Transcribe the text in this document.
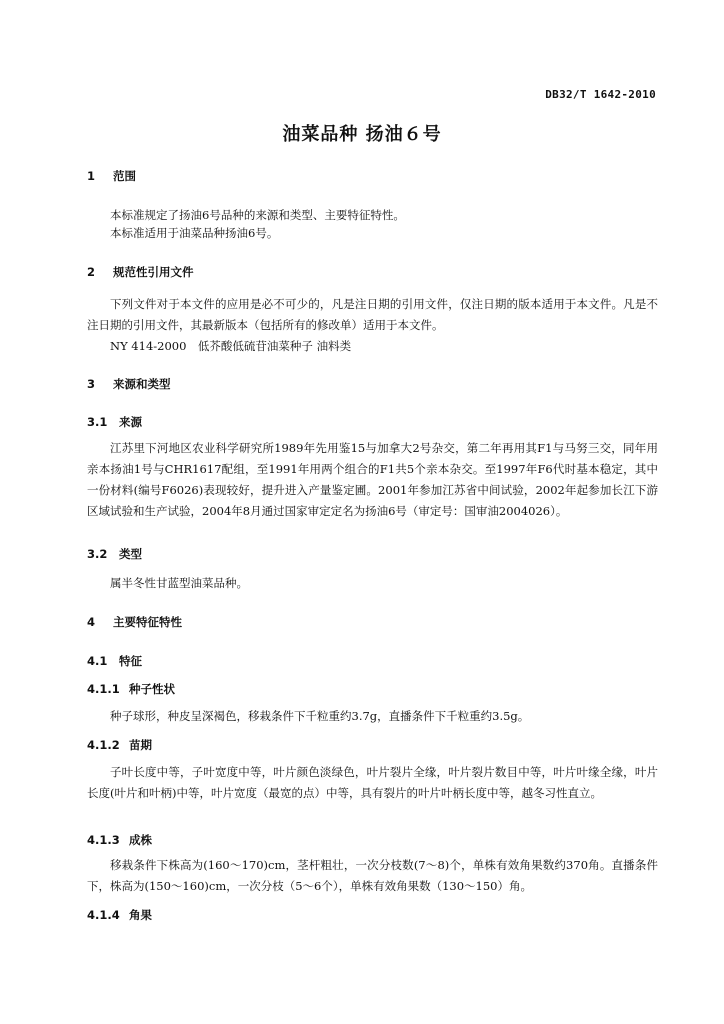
DB32/T 1642-2010
油菜品种 扬油６号
1 范围
本标准规定了扬油6号品种的来源和类型、主要特征特性。
本标准适用于油菜品种扬油6号。
2 规范性引用文件
下列文件对于本文件的应用是必不可少的，凡是注日期的引用文件，仅注日期的版本适用于本文件。凡是不注日期的引用文件，其最新版本（包括所有的修改单）适用于本文件。
NY 414-2000　低芥酸低硫苷油菜种子 油料类
3 来源和类型
3.1 来源
江苏里下河地区农业科学研究所1989年先用鉴15与加拿大2号杂交，第二年再用其F1与马努三交，同年用亲本扬油1号与CHR1617配组，至1991年用两个组合的F1共5个亲本杂交。至1997年F6代时基本稳定，其中一份材料(编号F6026)表现较好，提升进入产量鉴定圃。2001年参加江苏省中间试验，2002年起参加长江下游区域试验和生产试验，2004年8月通过国家审定定名为扬油6号（审定号：国审油2004026）。
3.2 类型
属半冬性甘蓝型油菜品种。
4 主要特征特性
4.1 特征
4.1.1 种子性状
种子球形，种皮呈深褐色，移栽条件下千粒重约3.7g，直播条件下千粒重约3.5g。
4.1.2 苗期
子叶长度中等，子叶宽度中等，叶片颜色淡绿色，叶片裂片全缘，叶片裂片数目中等，叶片叶缘全缘，叶片长度(叶片和叶柄)中等，叶片宽度（最宽的点）中等，具有裂片的叶片叶柄长度中等，越冬习性直立。
4.1.3 成株
移栽条件下株高为(160～170)cm，茎杆粗壮，一次分枝数(7～8)个，单株有效角果数约370角。直播条件下，株高为(150～160)cm，一次分枝（5～6个），单株有效角果数（130～150）角。
4.1.4 角果
